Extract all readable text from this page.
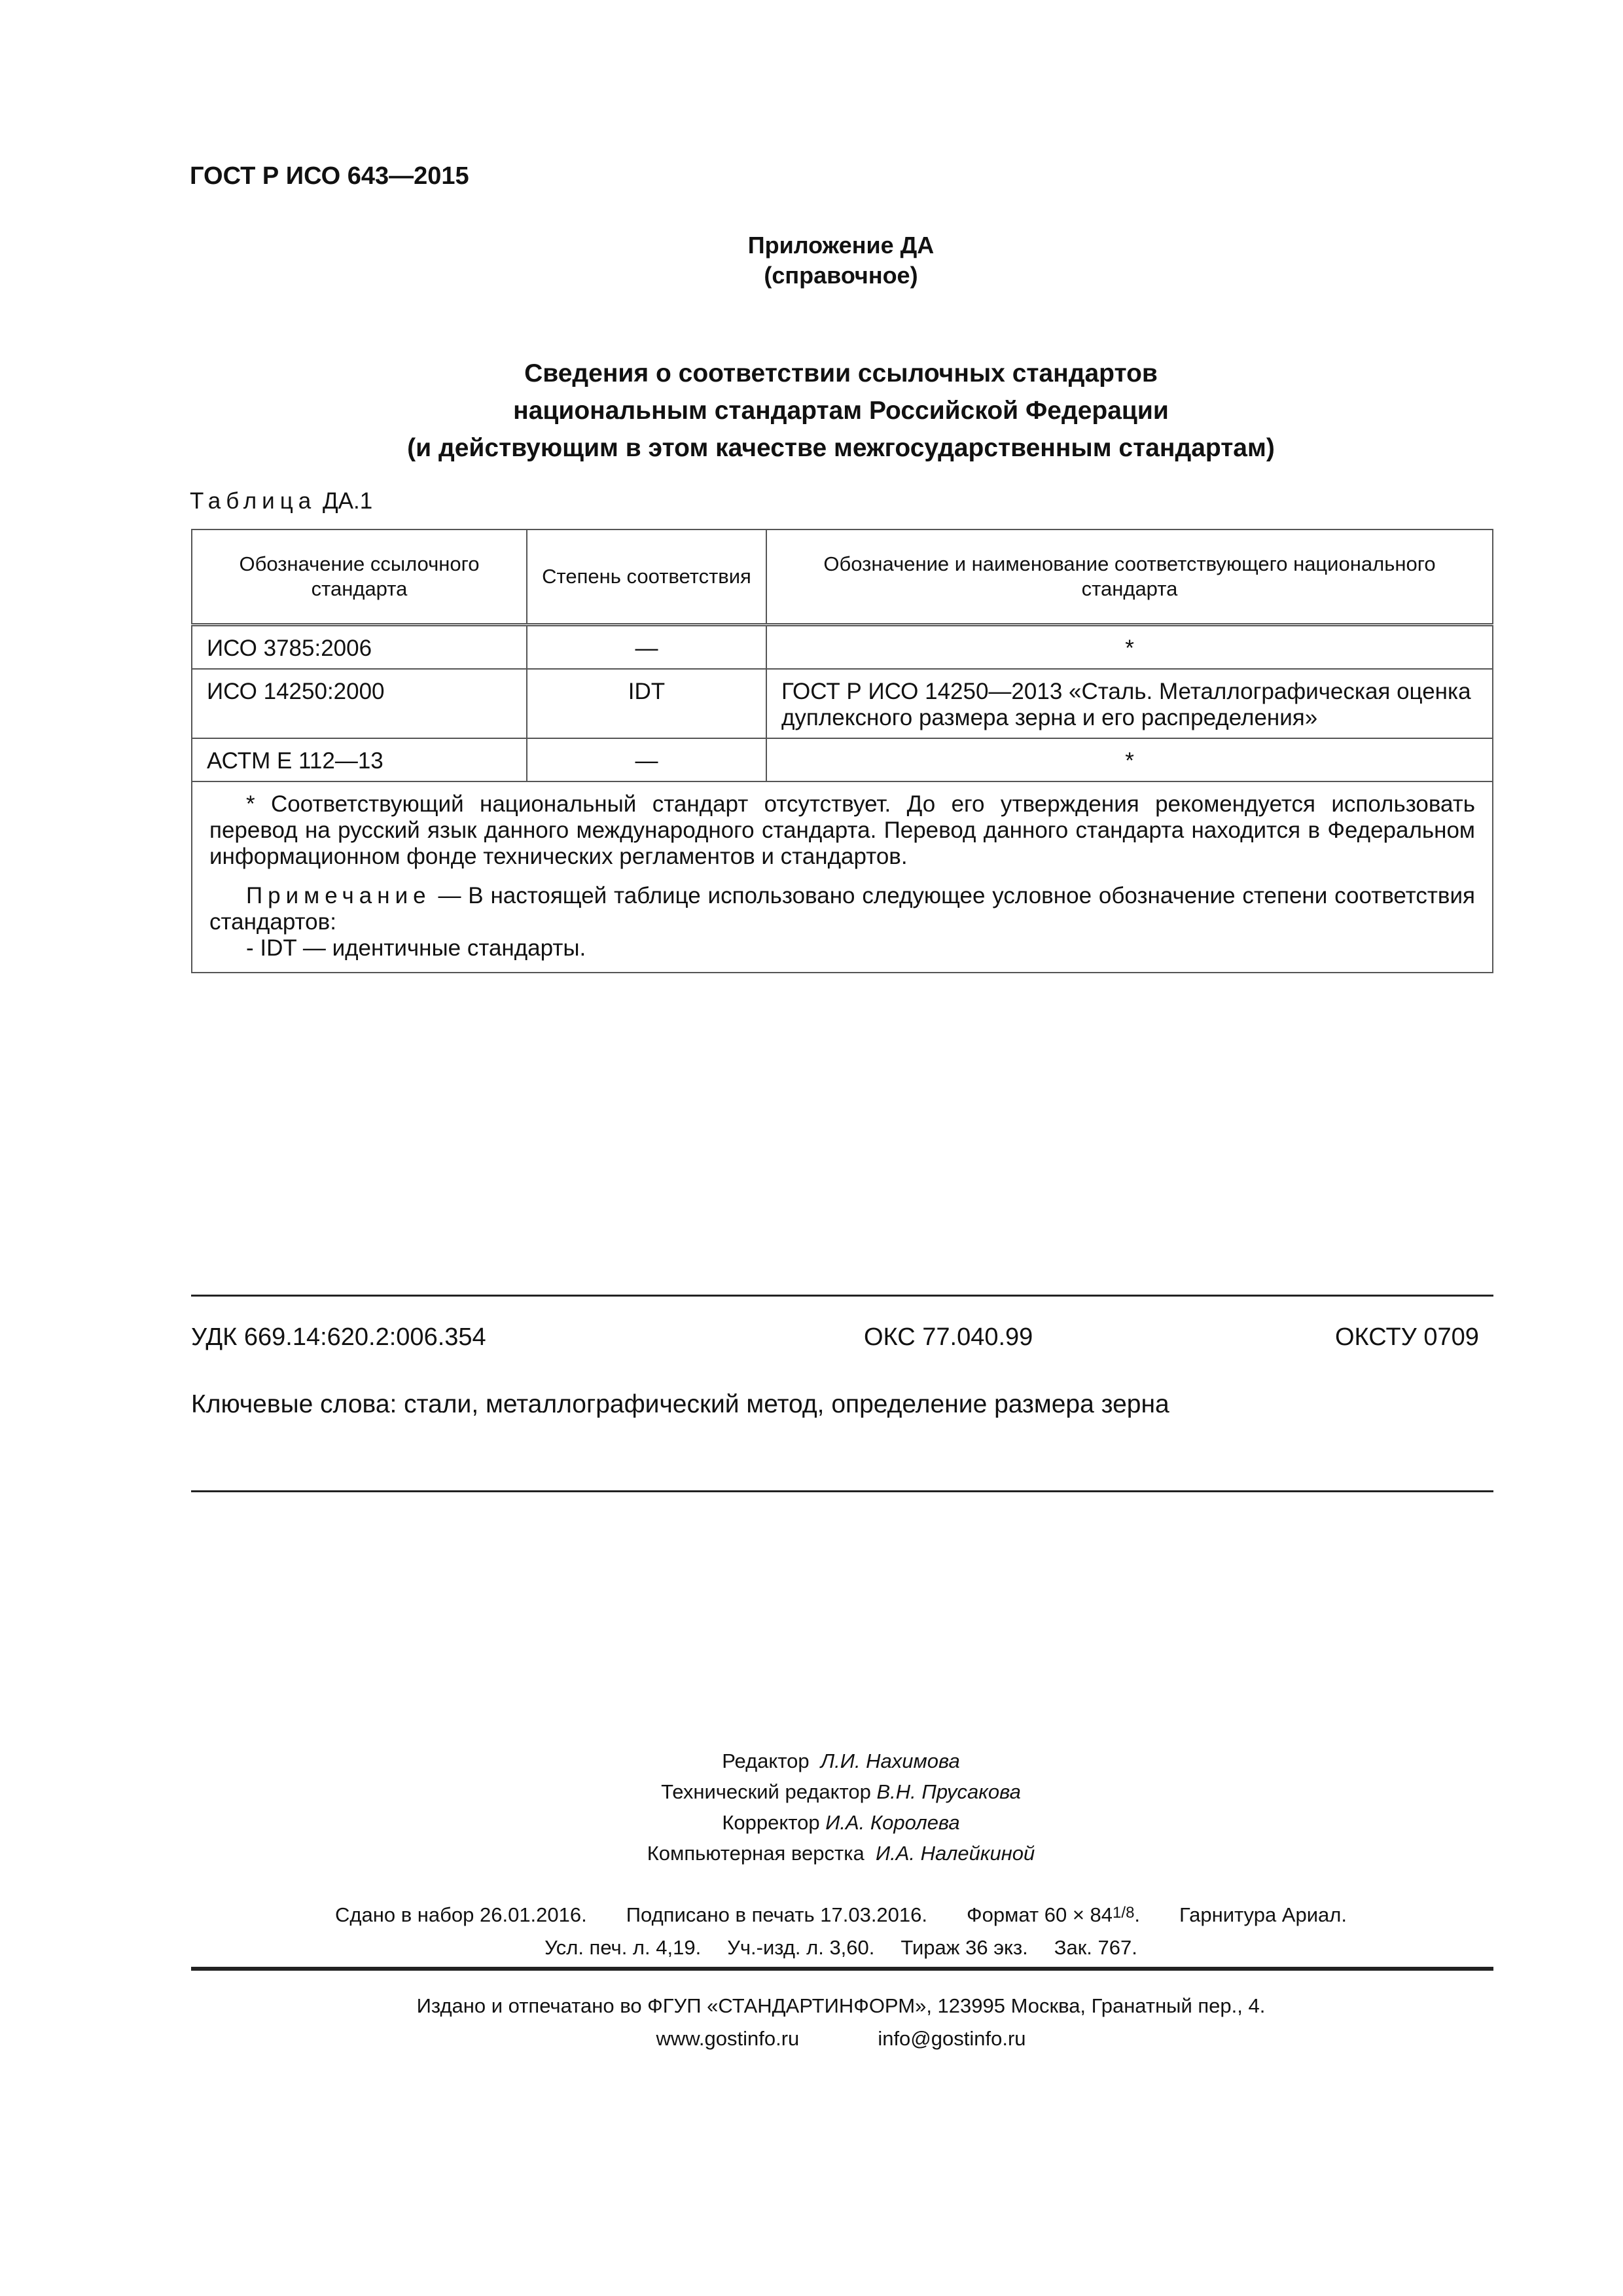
ГОСТ Р ИСО 643—2015
Приложение ДА
(справочное)
Сведения о соответствии ссылочных стандартов
национальным стандартам Российской Федерации
(и действующим в этом качестве межгосударственным стандартам)
Таблица ДА.1
Обозначение ссылочного стандарта	Степень соответствия	Обозначение и наименование соответствующего национального стандарта
ИСО 3785:2006	—	*
ИСО 14250:2000	IDT	ГОСТ Р ИСО 14250—2013 «Сталь. Металлографическая оценка дуплексного размера зерна и его распределения»
АСТМ Е 112—13	—	*

* Соответствующий национальный стандарт отсутствует. До его утверждения рекомендуется использовать перевод на русский язык данного международного стандарта. Перевод данного стандарта находится в Федеральном информационном фонде технических регламентов и стандартов.

Примечание — В настоящей таблице использовано следующее условное обозначение степени соответствия стандартов:
- IDT — идентичные стандарты.		

УДК 669.14:620.2:006.354	ОКС 77.040.99	ОКСТУ 0709
Ключевые слова: стали, металлографический метод, определение размера зерна
Редактор Л.И. Нахимова
Технический редактор В.Н. Прусакова
Корректор И.А. Королева
Компьютерная верстка И.А. Налейкиной
Сдано в набор 26.01.2016. Подписано в печать 17.03.2016. Формат 60 × 841/8. Гарнитура Ариал.
Усл. печ. л. 4,19. Уч.-изд. л. 3,60. Тираж 36 экз. Зак. 767.
Издано и отпечатано во ФГУП «СТАНДАРТИНФОРМ», 123995 Москва, Гранатный пер., 4.
www.gostinfo.ru	info@gostinfo.ru
